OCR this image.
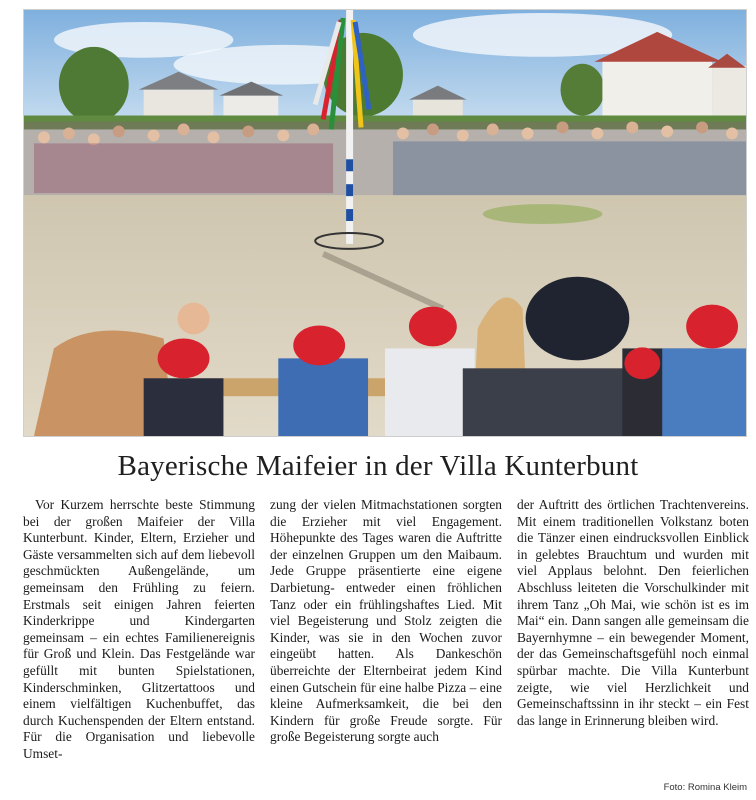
Bayerische Maifeier in der Villa Kunterbunt

Vor Kurzem herrschte beste Stimmung bei der großen Maifeier der Villa Kunterbunt. Kinder, Eltern, Erzieher und Gäste versammelten sich auf dem liebevoll geschmückten Außengelände, um gemeinsam den Frühling zu feiern. Erstmals seit einigen Jahren feierten Kinderkrippe und Kindergarten gemeinsam – ein echtes Familienereignis für Groß und Klein. Das Festgelände war gefüllt mit bunten Spielstationen, Kinderschminken, Glitzertattoos und einem vielfältigen Kuchenbuffet, das durch Kuchenspenden der Eltern entstand. Für die Organisation und liebevolle Umset-

zung der vielen Mitmachstationen sorgten die Erzieher mit viel Engagement. Höhepunkte des Tages waren die Auftritte der einzelnen Gruppen um den Maibaum. Jede Gruppe präsentierte eine eigene Darbietung- entweder einen fröhlichen Tanz oder ein frühlingshaftes Lied. Mit viel Begeisterung und Stolz zeigten die Kinder, was sie in den Wochen zuvor eingeübt hatten. Als Dankeschön überreichte der Elternbeirat jedem Kind einen Gutschein für eine halbe Pizza – eine kleine Aufmerksamkeit, die bei den Kindern für große Freude sorgte. Für große Begeisterung sorgte auch

der Auftritt des örtlichen Trachtenvereins. Mit einem traditionellen Volkstanz boten die Tänzer einen eindrucksvollen Einblick in gelebtes Brauchtum und wurden mit viel Applaus belohnt. Den feierlichen Abschluss leiteten die Vorschulkinder mit ihrem Tanz „Oh Mai, wie schön ist es im Mai“ ein. Dann sangen alle gemeinsam die Bayernhymne – ein bewegender Moment, der das Gemeinschaftsgefühl noch einmal spürbar machte. Die Villa Kunterbunt zeigte, wie viel Herzlichkeit und Gemeinschaftssinn in ihr steckt – ein Fest das lange in Erinnerung bleiben wird.

Foto: Romina Kleim
